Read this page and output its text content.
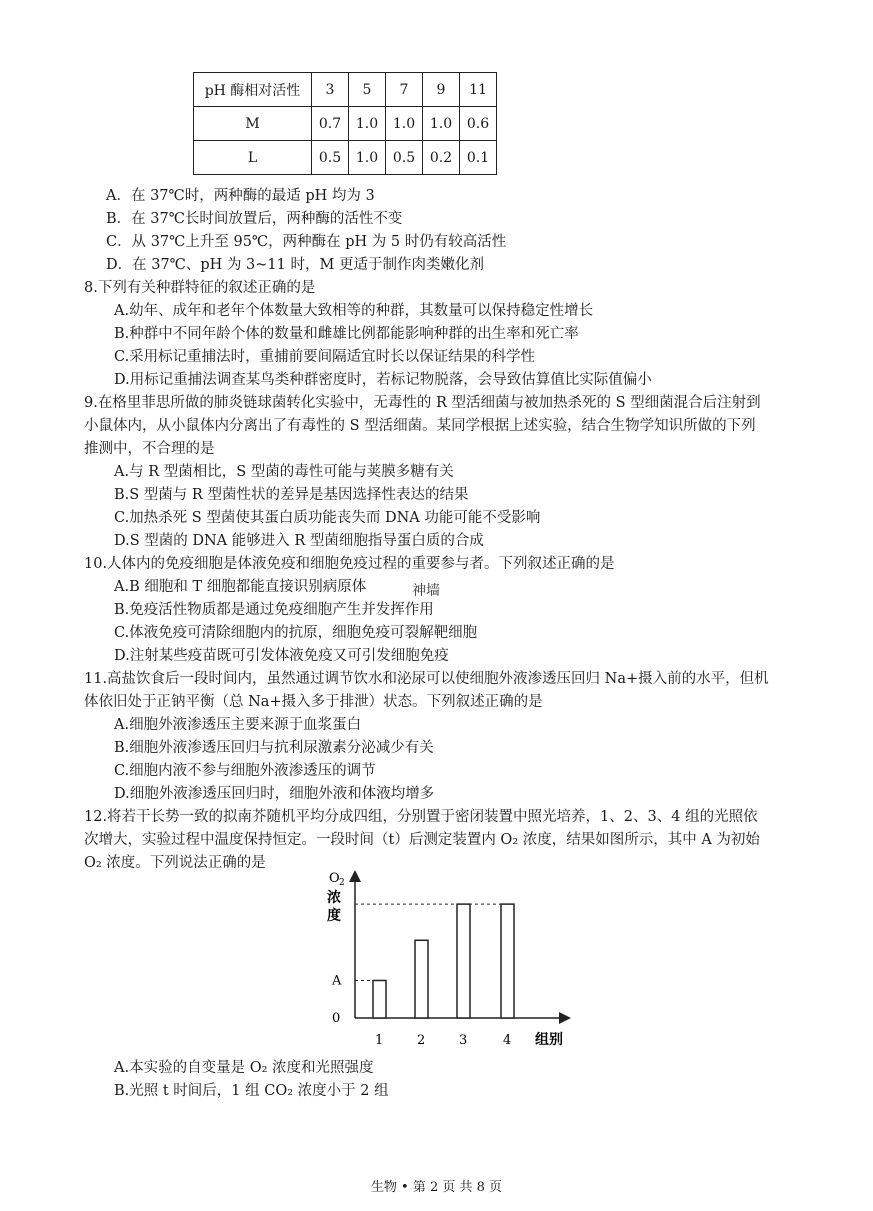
pH 酶相对活性	3	5	7	9	11
M	0.7	1.0	1.0	1.0	0.6
L	0.5	1.0	0.5	0.2	0.1
A．在 37℃时，两种酶的最适 pH 均为 3
B．在 37℃长时间放置后，两种酶的活性不变
C．从 37℃上升至 95℃，两种酶在 pH 为 5 时仍有较高活性
D．在 37℃、pH 为 3~11 时，M 更适于制作肉类嫩化剂
8.下列有关种群特征的叙述正确的是
A.幼年、成年和老年个体数量大致相等的种群，其数量可以保持稳定性增长
B.种群中不同年龄个体的数量和雌雄比例都能影响种群的出生率和死亡率
C.采用标记重捕法时，重捕前要间隔适宜时长以保证结果的科学性
D.用标记重捕法调查某鸟类种群密度时，若标记物脱落，会导致估算值比实际值偏小
9.在格里菲思所做的肺炎链球菌转化实验中，无毒性的 R 型活细菌与被加热杀死的 S 型细菌混合后注射到
小鼠体内，从小鼠体内分离出了有毒性的 S 型活细菌。某同学根据上述实验，结合生物学知识所做的下列
推测中，不合理的是
A.与 R 型菌相比，S 型菌的毒性可能与荚膜多糖有关
B.S 型菌与 R 型菌性状的差异是基因选择性表达的结果
C.加热杀死 S 型菌使其蛋白质功能丧失而 DNA 功能可能不受影响
D.S 型菌的 DNA 能够进入 R 型菌细胞指导蛋白质的合成
10.人体内的免疫细胞是体液免疫和细胞免疫过程的重要参与者。下列叙述正确的是
A.B 细胞和 T 细胞都能直接识别病原体	神墙
B.免疫活性物质都是通过免疫细胞产生并发挥作用
C.体液免疫可清除细胞内的抗原，细胞免疫可裂解靶细胞
D.注射某些疫苗既可引发体液免疫又可引发细胞免疫
11.高盐饮食后一段时间内，虽然通过调节饮水和泌尿可以使细胞外液渗透压回归 Na+摄入前的水平，但机
体依旧处于正钠平衡（总 Na+摄入多于排泄）状态。下列叙述正确的是
A.细胞外液渗透压主要来源于血浆蛋白
B.细胞外液渗透压回归与抗利尿激素分泌减少有关
C.细胞内液不参与细胞外液渗透压的调节
D.细胞外液渗透压回归时，细胞外液和体液均增多
12.将若干长势一致的拟南芥随机平均分成四组，分别置于密闭装置中照光培养，1、2、3、4 组的光照依
次增大，实验过程中温度保持恒定。一段时间（t）后测定装置内 O₂ 浓度，结果如图所示，其中 A 为初始
O₂ 浓度。下列说法正确的是
O 2
浓
度
0
A
1	2	3	4 组别
A.本实验的自变量是 O₂ 浓度和光照强度
B.光照 t 时间后，1 组 CO₂ 浓度小于 2 组
生物 • 第 2 页 共 8 页
